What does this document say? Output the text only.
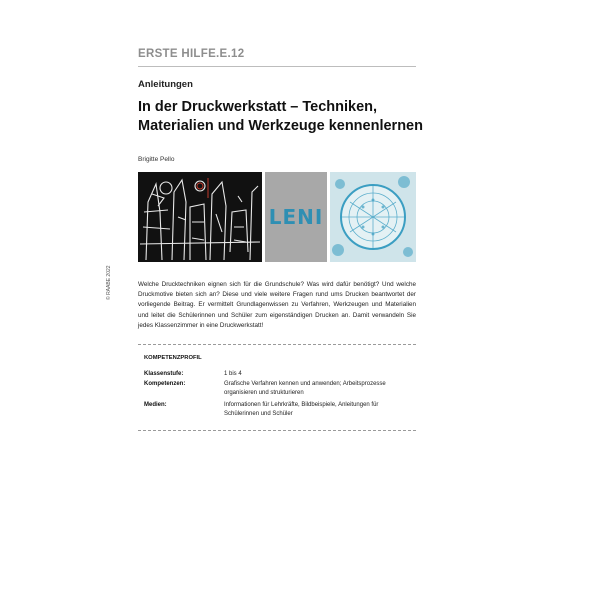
ERSTE HILFE.E.12
Anleitungen
In der Druckwerkstatt – Techniken,
Materialien und Werkzeuge kennenlernen
Brigitte Pello
LENI
© RAABE 2022	Welche Drucktechniken eignen sich für die Grundschule? Was wird dafür benötigt? Und welche Druckmotive bieten sich an? Diese und viele weitere Fragen rund ums Drucken beantwortet der vorliegende Beitrag. Er vermittelt Grundlagenwissen zu Verfahren, Werkzeugen und Materialien und leitet die Schülerinnen und Schüler zum eigenständigen Drucken an. Damit verwandeln Sie jedes Klassenzimmer in eine Druckwerkstatt!
KOMPETENZPROFIL
Klassenstufe:	1 bis 4
Kompetenzen:	Grafische Verfahren kennen und anwenden; Arbeitsprozesse organisieren und strukturieren
Medien:	Informationen für Lehrkräfte, Bildbeispiele, Anleitungen für Schülerinnen und Schüler
